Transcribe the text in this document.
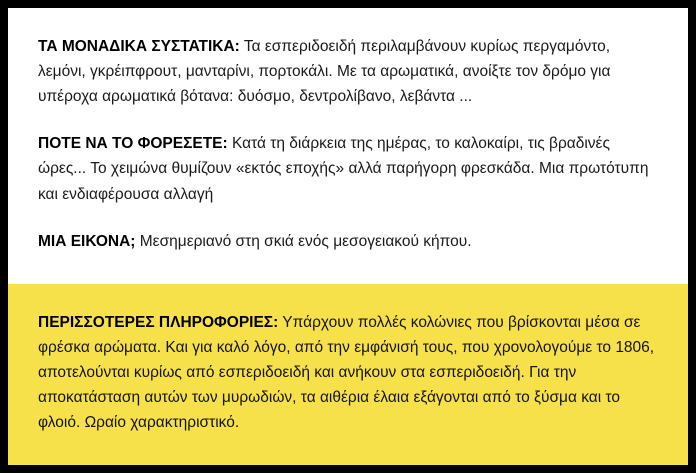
ΤΑ ΜΟΝΑΔΙΚΑ ΣΥΣΤΑΤΙΚΑ: Τα εσπεριδοειδή περιλαμβάνουν κυρίως περγαμόντο, λεμόνι, γκρέιπφρουτ, μανταρίνι, πορτοκάλι. Με τα αρωματικά, ανοίξτε τον δρόμο για υπέροχα αρωματικά βότανα: δυόσμο, δεντρολίβανο, λεβάντα ...

ΠΟΤΕ ΝΑ ΤΟ ΦΟΡΕΣΕΤΕ: Κατά τη διάρκεια της ημέρας, το καλοκαίρι, τις βραδινές ώρες... Το χειμώνα θυμίζουν «εκτός εποχής» αλλά παρήγορη φρεσκάδα. Μια πρωτότυπη και ενδιαφέρουσα αλλαγή

ΜΙΑ ΕΙΚΟΝΑ; Μεσημεριανό στη σκιά ενός μεσογειακού κήπου.

ΠΕΡΙΣΣΟΤΕΡΕΣ ΠΛΗΡΟΦΟΡΙΕΣ: Υπάρχουν πολλές κολώνιες που βρίσκονται μέσα σε φρέσκα αρώματα. Και για καλό λόγο, από την εμφάνισή τους, που χρονολογούμε το 1806, αποτελούνται κυρίως από εσπεριδοειδή και ανήκουν στα εσπεριδοειδή. Για την αποκατάσταση αυτών των μυρωδιών, τα αιθέρια έλαια εξάγονται από το ξύσμα και το φλοιό. Ωραίο χαρακτηριστικό.
